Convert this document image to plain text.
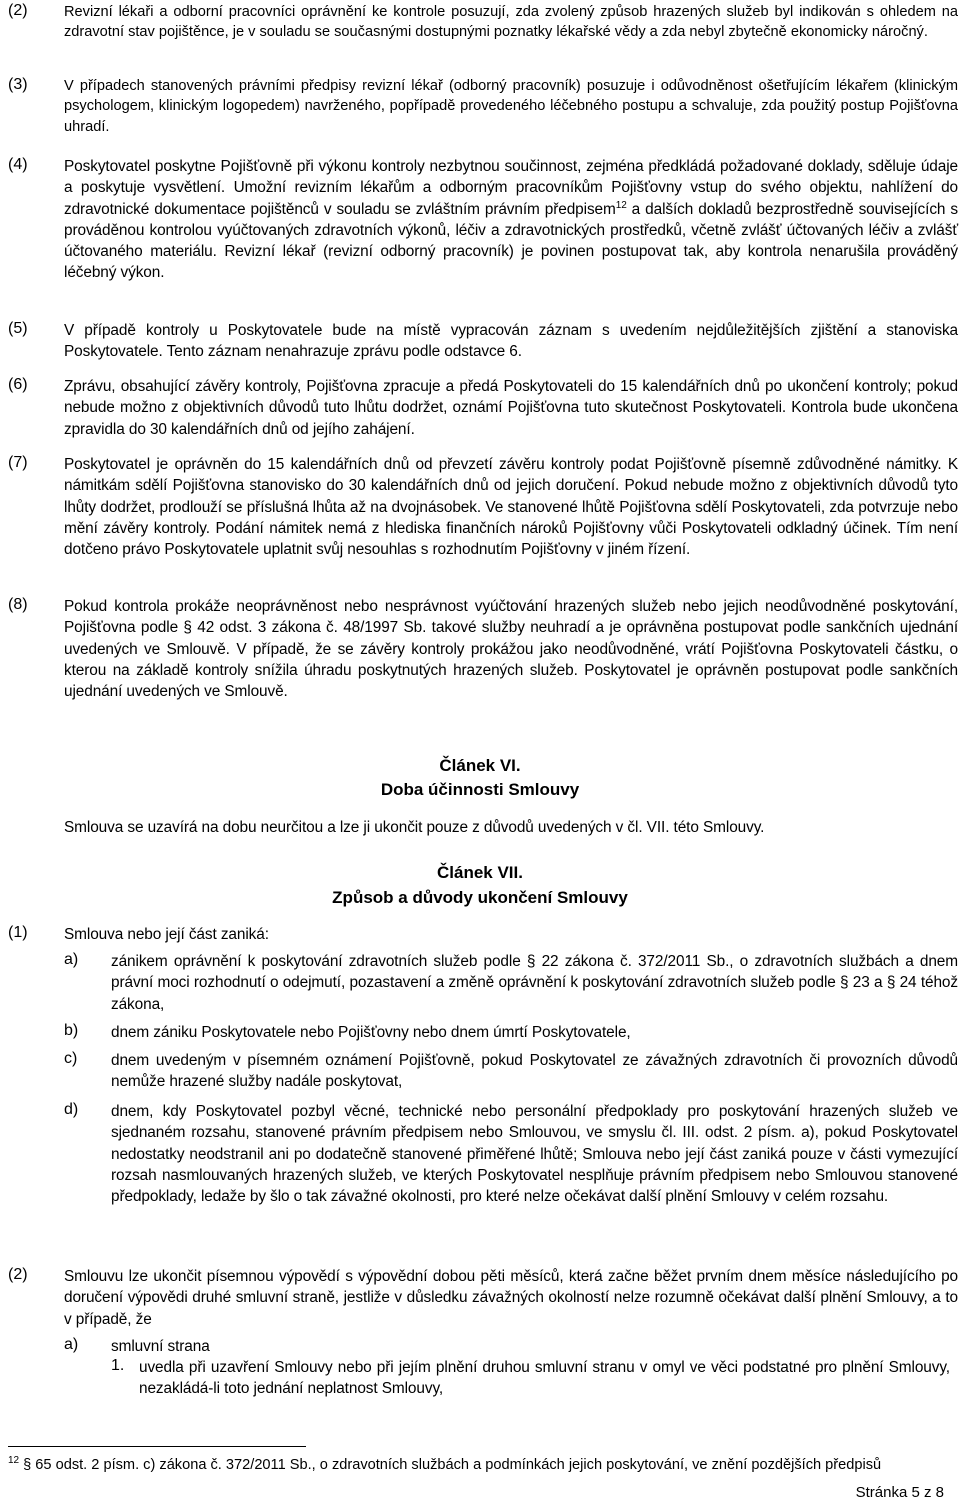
(2)	Revizní lékaři a odborní pracovníci oprávnění ke kontrole posuzují, zda zvolený způsob hrazených služeb byl indikován s ohledem na zdravotní stav pojištěnce, je v souladu se současnými dostupnými poznatky lékařské vědy a zda nebyl zbytečně ekonomicky náročný.
(3)	V případech stanovených právními předpisy revizní lékař (odborný pracovník) posuzuje i odůvodněnost ošetřujícím lékařem (klinickým psychologem, klinickým logopedem) navrženého, popřípadě provedeného léčebného postupu a schvaluje, zda použitý postup Pojišťovna uhradí.
(4)	Poskytovatel poskytne Pojišťovně při výkonu kontroly nezbytnou součinnost, zejména předkládá požadované doklady, sděluje údaje a poskytuje vysvětlení. Umožní revizním lékařům a odborným pracovníkům Pojišťovny vstup do svého objektu, nahlížení do zdravotnické dokumentace pojištěnců v souladu se zvláštním právním předpisem$^{12}$ a dalších dokladů bezprostředně souvisejících s prováděnou kontrolou vyúčtovaných zdravotních výkonů, léčiv a zdravotnických prostředků, včetně zvlášť účtovaných léčiv a zvlášť účtovaného materiálu. Revizní lékař (revizní odborný pracovník) je povinen postupovat tak, aby kontrola nenarušila prováděný léčebný výkon.
(5)	V případě kontroly u Poskytovatele bude na místě vypracován záznam s uvedením nejdůležitějších zjištění a stanoviska Poskytovatele. Tento záznam nenahrazuje zprávu podle odstavce 6.
(6)	Zprávu, obsahující závěry kontroly, Pojišťovna zpracuje a předá Poskytovateli do 15 kalendářních dnů po ukončení kontroly; pokud nebude možno z objektivních důvodů tuto lhůtu dodržet, oznámí Pojišťovna tuto skutečnost Poskytovateli. Kontrola bude ukončena zpravidla do 30 kalendářních dnů od jejího zahájení.
(7)	Poskytovatel je oprávněn do 15 kalendářních dnů od převzetí závěru kontroly podat Pojišťovně písemně zdůvodněné námitky. K námitkám sdělí Pojišťovna stanovisko do 30 kalendářních dnů od jejich doručení. Pokud nebude možno z objektivních důvodů tyto lhůty dodržet, prodlouží se příslušná lhůta až na dvojnásobek. Ve stanovené lhůtě Pojišťovna sdělí Poskytovateli, zda potvrzuje nebo mění závěry kontroly. Podání námitek nemá z hlediska finančních nároků Pojišťovny vůči Poskytovateli odkladný účinek. Tím není dotčeno právo Poskytovatele uplatnit svůj nesouhlas s rozhodnutím Pojišťovny v jiném řízení.
(8)	Pokud kontrola prokáže neoprávněnost nebo nesprávnost vyúčtování hrazených služeb nebo jejich neodůvodněné poskytování, Pojišťovna podle § 42 odst. 3 zákona č. 48/1997 Sb. takové služby neuhradí a je oprávněna postupovat podle sankčních ujednání uvedených ve Smlouvě. V případě, že se závěry kontroly prokážou jako neodůvodněné, vrátí Pojišťovna Poskytovateli částku, o kterou na základě kontroly snížila úhradu poskytnutých hrazených služeb. Poskytovatel je oprávněn postupovat podle sankčních ujednání uvedených ve Smlouvě.
Článek VI.
Doba účinnosti Smlouvy
Smlouva se uzavírá na dobu neurčitou a lze ji ukončit pouze z důvodů uvedených v čl. VII. této Smlouvy.
Článek VII.
Způsob a důvody ukončení Smlouvy
(1)	Smlouva nebo její část zaniká:
a) zánikem oprávnění k poskytování zdravotních služeb podle § 22 zákona č. 372/2011 Sb., o zdravotních službách a dnem právní moci rozhodnutí o odejmutí, pozastavení a změně oprávnění k poskytování zdravotních služeb podle § 23 a § 24 téhož zákona,
b) dnem zániku Poskytovatele nebo Pojišťovny nebo dnem úmrtí Poskytovatele,
c) dnem uvedeným v písemném oznámení Pojišťovně, pokud Poskytovatel ze závažných zdravotních či provozních důvodů nemůže hrazené služby nadále poskytovat,
d) dnem, kdy Poskytovatel pozbyl věcné, technické nebo personální předpoklady pro poskytování hrazených služeb ve sjednaném rozsahu, stanovené právním předpisem nebo Smlouvou, ve smyslu čl. III. odst. 2 písm. a), pokud Poskytovatel nedostatky neodstranil ani po dodatečně stanovené přiměřené lhůtě; Smlouva nebo její část zaniká pouze v části vymezující rozsah nasmlouvaných hrazených služeb, ve kterých Poskytovatel nesplňuje právním předpisem nebo Smlouvou stanovené předpoklady, ledaže by šlo o tak závažné okolnosti, pro které nelze očekávat další plnění Smlouvy v celém rozsahu.
(2)	Smlouvu lze ukončit písemnou výpovědí s výpovědní dobou pěti měsíců, která začne běžet prvním dnem měsíce následujícího po doručení výpovědi druhé smluvní straně, jestliže v důsledku závažných okolností nelze rozumně očekávat další plnění Smlouvy, a to v případě, že
a) smluvní strana
1. uvedla při uzavření Smlouvy nebo při jejím plnění druhou smluvní stranu v omyl ve věci podstatné pro plnění Smlouvy, nezakládá-li toto jednání neplatnost Smlouvy,
$^{12}$ § 65 odst. 2 písm. c) zákona č. 372/2011 Sb., o zdravotních službách a podmínkách jejich poskytování, ve znění pozdějších předpisů
Stránka 5 z 8
